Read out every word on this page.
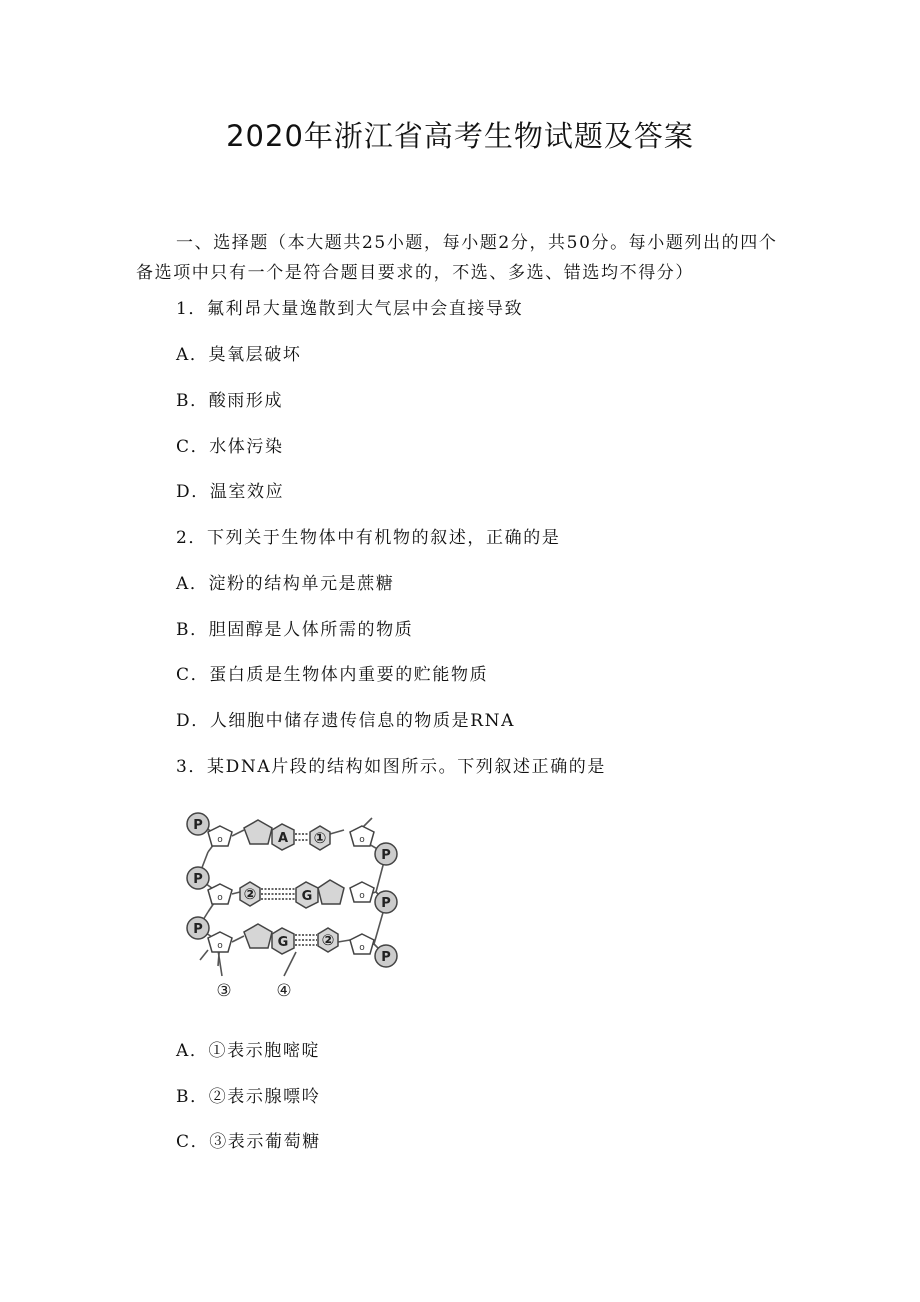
2020年浙江省高考生物试题及答案

一、选择题（本大题共25小题，每小题2分，共50分。每小题列出的四个备选项中只有一个是符合题目要求的，不选、多选、错选均不得分）

1．氟利昂大量逸散到大气层中会直接导致
A．臭氧层破坏
B．酸雨形成
C．水体污染
D．温室效应
2．下列关于生物体中有机物的叙述，正确的是
A．淀粉的结构单元是蔗糖
B．胆固醇是人体所需的物质
C．蛋白质是生物体内重要的贮能物质
D．人细胞中储存遗传信息的物质是RNA
3．某DNA片段的结构如图所示。下列叙述正确的是
o
o
o
o
o
o
P
P
P
P
P
P
A ①
②	G
G ②
③	④
A．①表示胞嘧啶
B．②表示腺嘌呤
C．③表示葡萄糖
